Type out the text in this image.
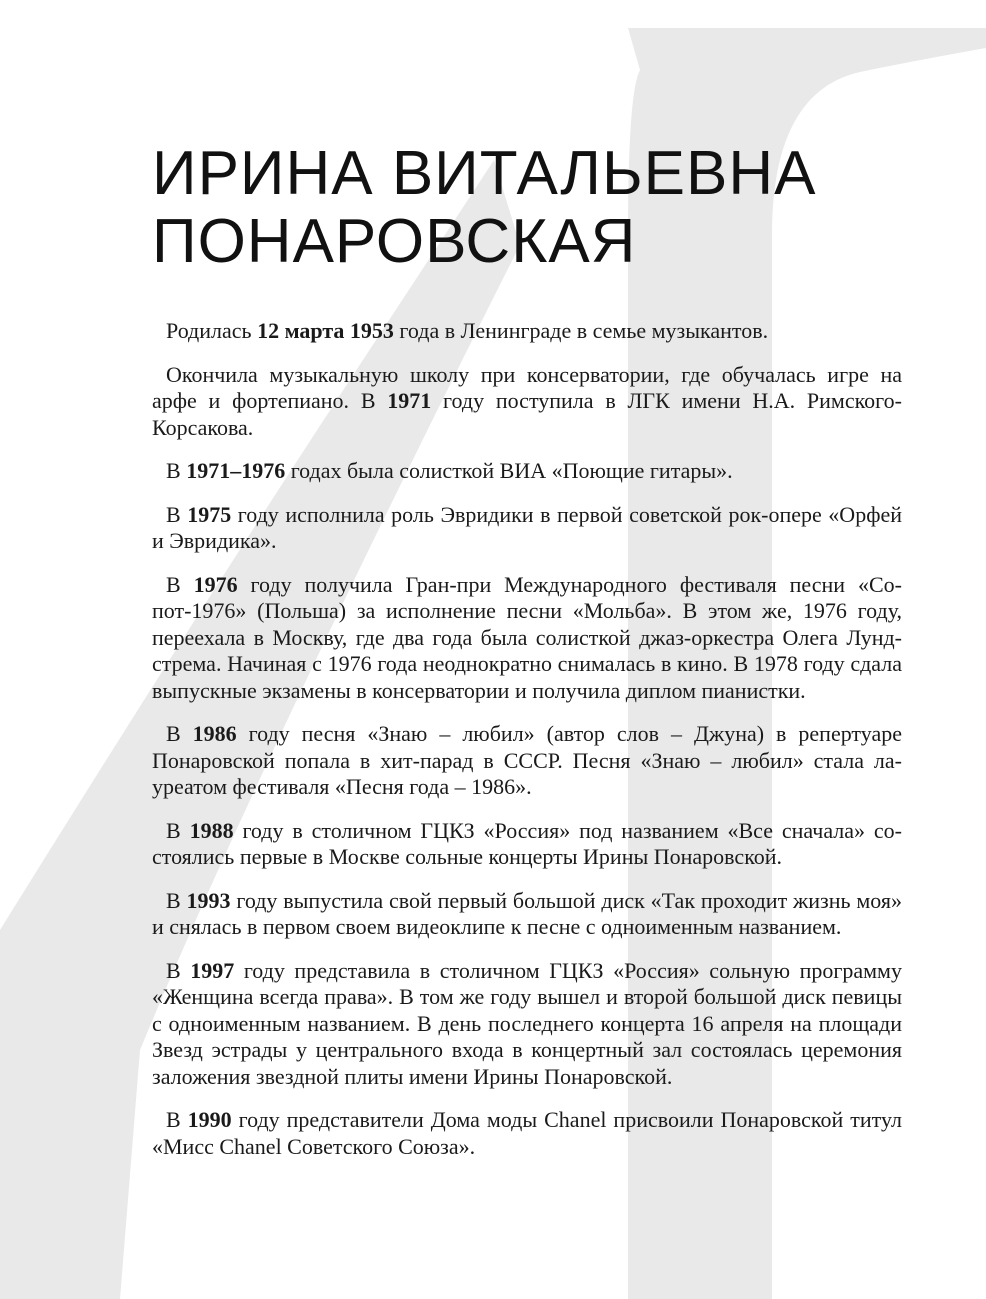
ИРИНА ВИТАЛЬЕВНА
ПОНАРОВСКАЯ

Родилась 12 марта 1953 года в Ленинграде в семье музыкантов.

Окончила музыкальную школу при консерватории, где обучалась игре на арфе и фортепиано. В 1971 году поступила в ЛГК имени Н.А. Римского-Корсакова.

В 1971–1976 годах была солисткой ВИА «Поющие гитары».

В 1975 году исполнила роль Эвридики в первой советской рок-опере «Орфей и Эвридика».

В 1976 году получила Гран-при Международного фестиваля песни «Сопот-1976» (Польша) за исполнение песни «Мольба». В этом же, 1976 году, переехала в Москву, где два года была солисткой джаз-оркестра Олега Лундстрема. Начиная с 1976 года неоднократно снималась в кино. В 1978 году сдала выпускные экзамены в консерватории и получила диплом пианистки.

В 1986 году песня «Знаю – любил» (автор слов – Джуна) в репертуаре Понаровской попала в хит-парад в СССР. Песня «Знаю – любил» стала лауреатом фестиваля «Песня года – 1986».

В 1988 году в столичном ГЦКЗ «Россия» под названием «Все сначала» состоялись первые в Москве сольные концерты Ирины Понаровской.

В 1993 году выпустила свой первый большой диск «Так проходит жизнь моя» и снялась в первом своем видеоклипе к песне с одноименным названием.

В 1997 году представила в столичном ГЦКЗ «Россия» сольную программу «Женщина всегда права». В том же году вышел и второй большой диск певицы с одноименным названием. В день последнего концерта 16 апреля на площади Звезд эстрады у центрального входа в концертный зал состоялась церемония заложения звездной плиты имени Ирины Понаровской.

В 1990 году представители Дома моды Chanel присвоили Понаровской титул «Мисс Chanel Советского Союза».
